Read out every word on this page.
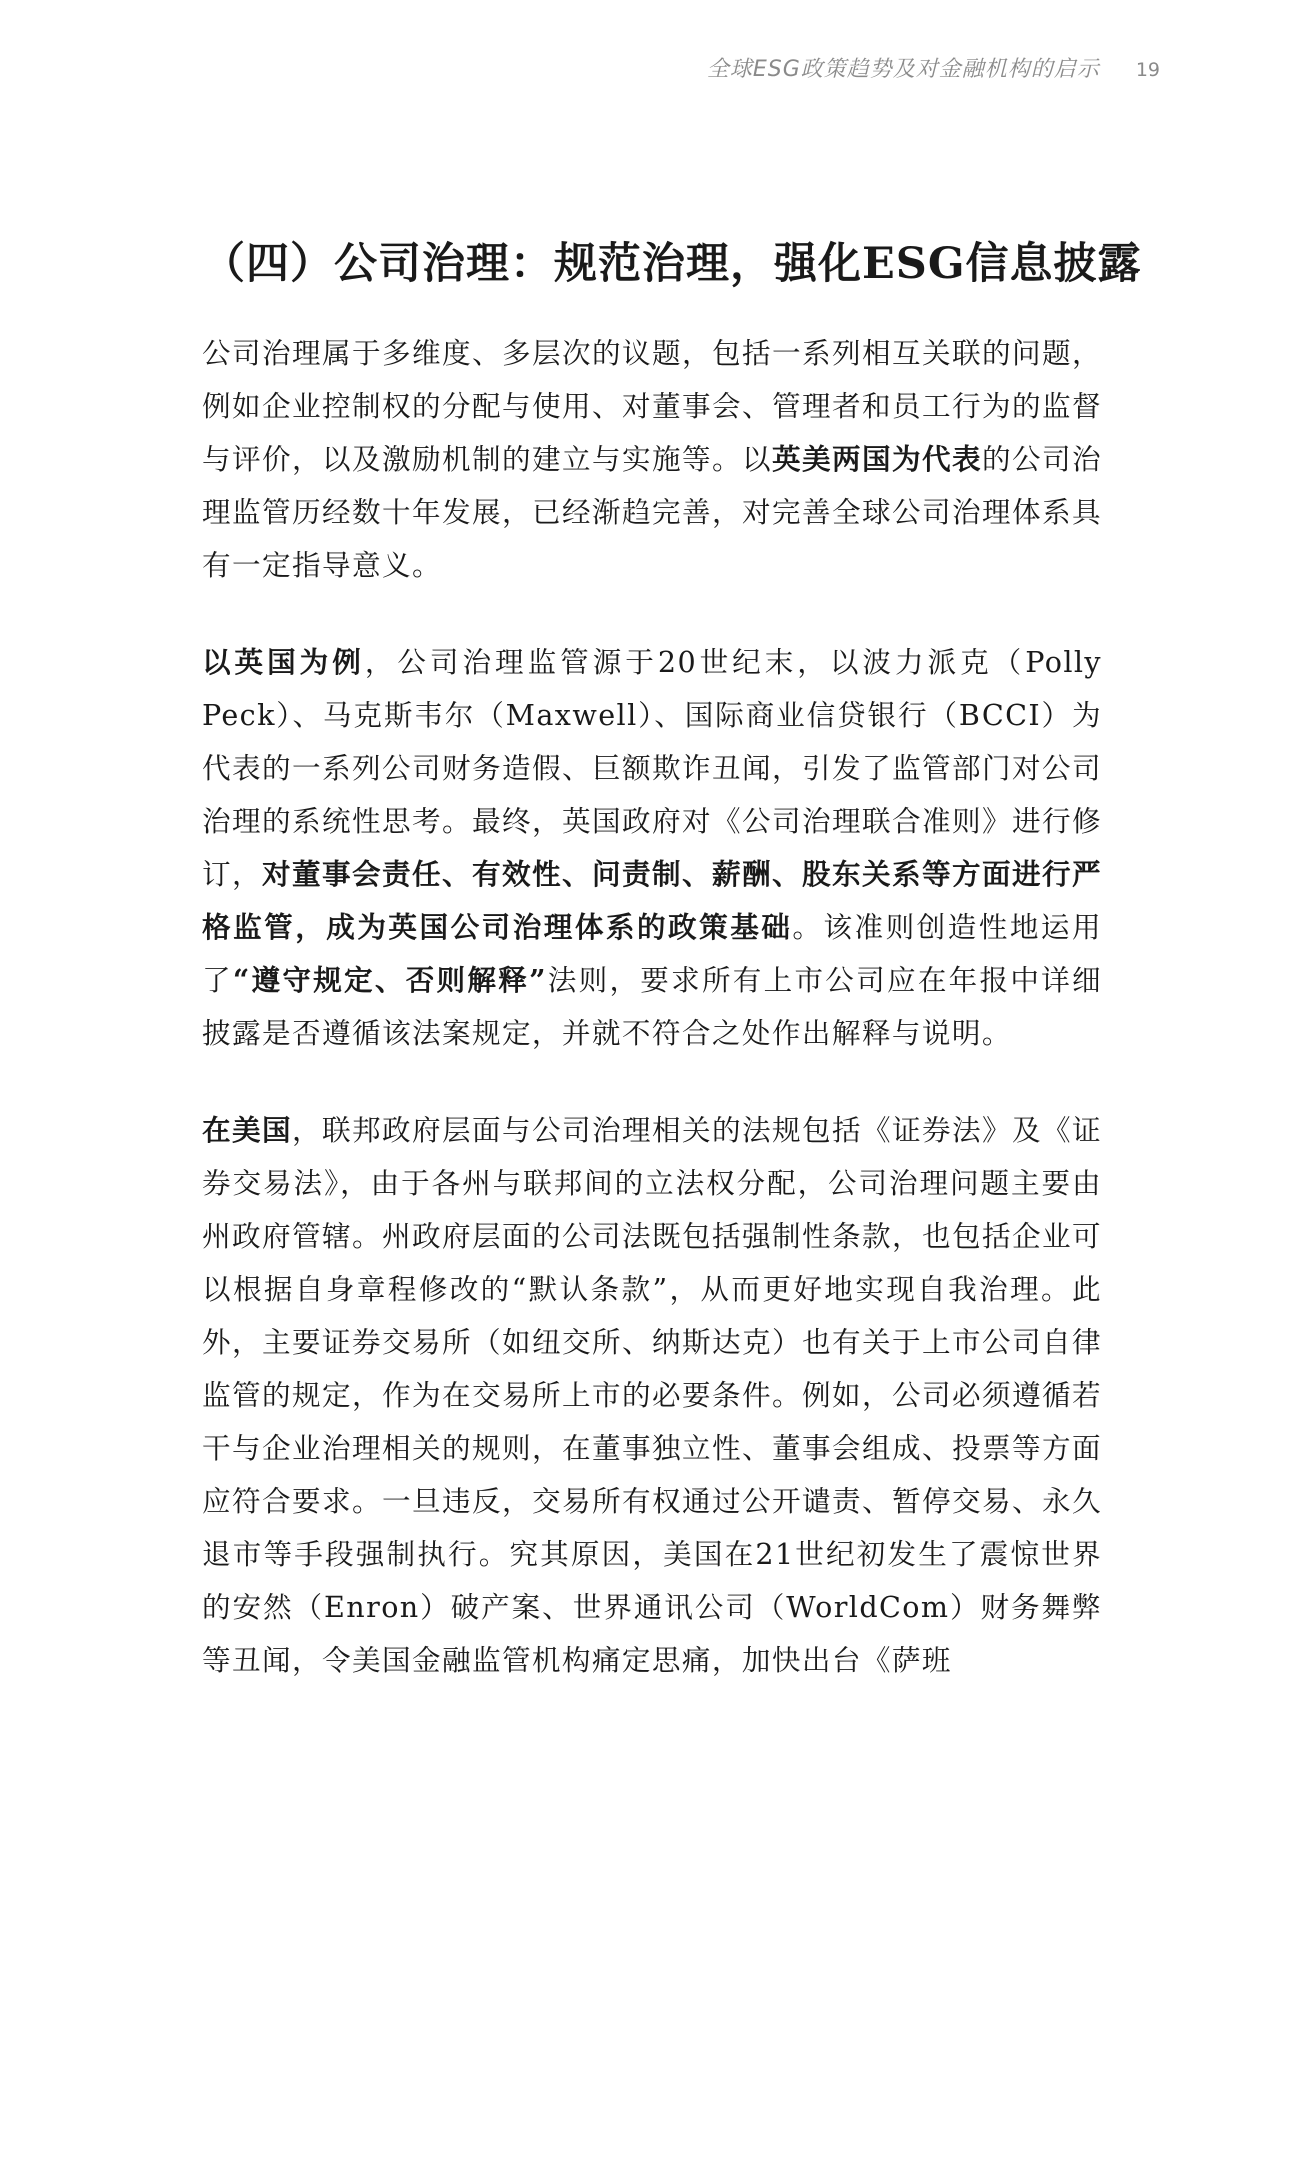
全球ESG政策趋势及对金融机构的启示 19
（四）公司治理：规范治理，强化ESG信息披露

公司治理属于多维度、多层次的议题，包括一系列相互关联的问题，例如企业控制权的分配与使用、对董事会、管理者和员工行为的监督与评价，以及激励机制的建立与实施等。以英美两国为代表的公司治理监管历经数十年发展，已经渐趋完善，对完善全球公司治理体系具有一定指导意义。

以英国为例，公司治理监管源于20世纪末，以波力派克（Polly Peck）、马克斯韦尔（Maxwell）、国际商业信贷银行（BCCI）为代表的一系列公司财务造假、巨额欺诈丑闻，引发了监管部门对公司治理的系统性思考。最终，英国政府对《公司治理联合准则》进行修订，对董事会责任、有效性、问责制、薪酬、股东关系等方面进行严格监管，成为英国公司治理体系的政策基础。该准则创造性地运用了“遵守规定、否则解释”法则，要求所有上市公司应在年报中详细披露是否遵循该法案规定，并就不符合之处作出解释与说明。

在美国，联邦政府层面与公司治理相关的法规包括《证券法》及《证券交易法》，由于各州与联邦间的立法权分配，公司治理问题主要由州政府管辖。州政府层面的公司法既包括强制性条款，也包括企业可以根据自身章程修改的“默认条款”，从而更好地实现自我治理。此外，主要证券交易所（如纽交所、纳斯达克）也有关于上市公司自律监管的规定，作为在交易所上市的必要条件。例如，公司必须遵循若干与企业治理相关的规则，在董事独立性、董事会组成、投票等方面应符合要求。一旦违反，交易所有权通过公开谴责、暂停交易、永久退市等手段强制执行。究其原因，美国在21世纪初发生了震惊世界的安然（Enron）破产案、世界通讯公司（WorldCom）财务舞弊等丑闻，令美国金融监管机构痛定思痛，加快出台《萨班
